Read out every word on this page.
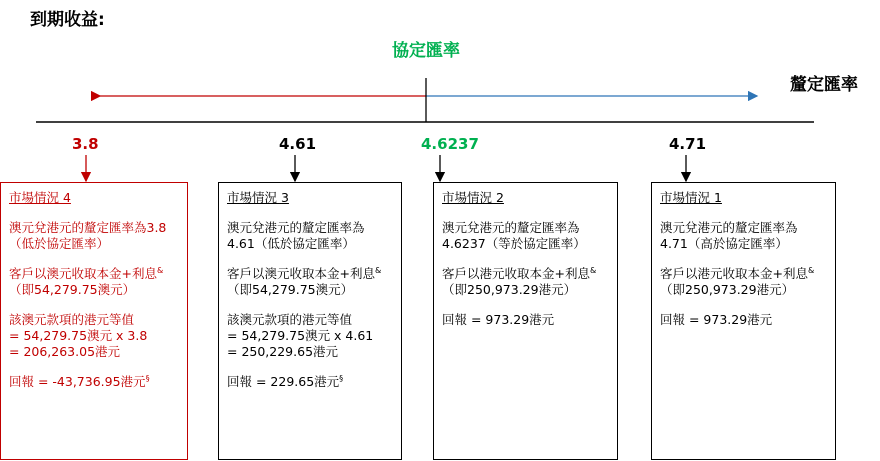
到期收益:
協定匯率
釐定匯率
3.8	4.61	4.6237	4.71

市場情況 4

澳元兌港元的釐定匯率為3.8
（低於協定匯率）

客戶以澳元收取本金+利息&
（即54,279.75澳元）

該澳元款項的港元等值
= 54,279.75澳元 x 3.8
= 206,263.05港元

回報 = -43,736.95港元§

市場情況 3

澳元兌港元的釐定匯率為
4.61（低於協定匯率）

客戶以澳元收取本金+利息&
（即54,279.75澳元）

該澳元款項的港元等值
= 54,279.75澳元 x 4.61
= 250,229.65港元

回報 = 229.65港元§

市場情況 2

澳元兌港元的釐定匯率為
4.6237（等於協定匯率）

客戶以港元收取本金+利息&
（即250,973.29港元）

回報 = 973.29港元

市場情況 1

澳元兌港元的釐定匯率為
4.71（高於協定匯率）

客戶以港元收取本金+利息&
（即250,973.29港元）

回報 = 973.29港元
